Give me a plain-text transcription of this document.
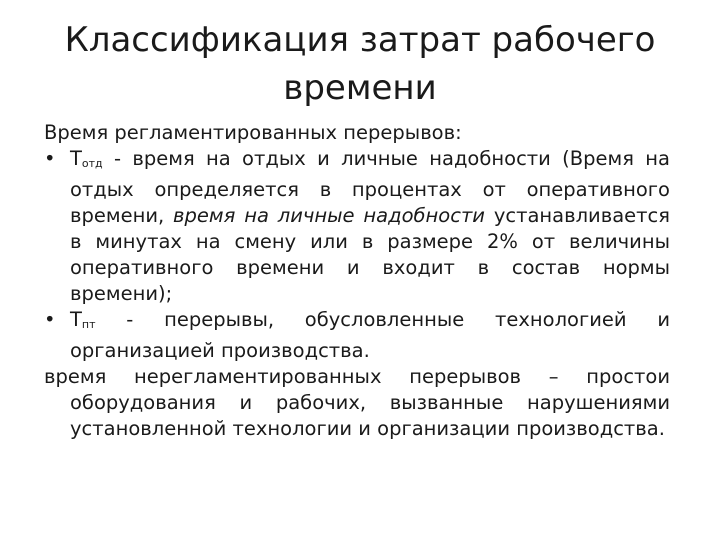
Классификация затрат рабочего
времени

Время регламентированных перерывов:

• $Т_{отд}$ - время на отдых и личные надобности (Время на отдых определяется в процентах от оперативного времени, время на личные надобности устанавливается в минутах на смену или в размере 2% от величины оперативного времени и входит в состав нормы времени);

• $Т_{пт}$ - перерывы, обусловленные технологией и организацией производства.

время нерегламентированных перерывов – простои оборудования и рабочих, вызванные нарушениями установленной технологии и организации производства.
